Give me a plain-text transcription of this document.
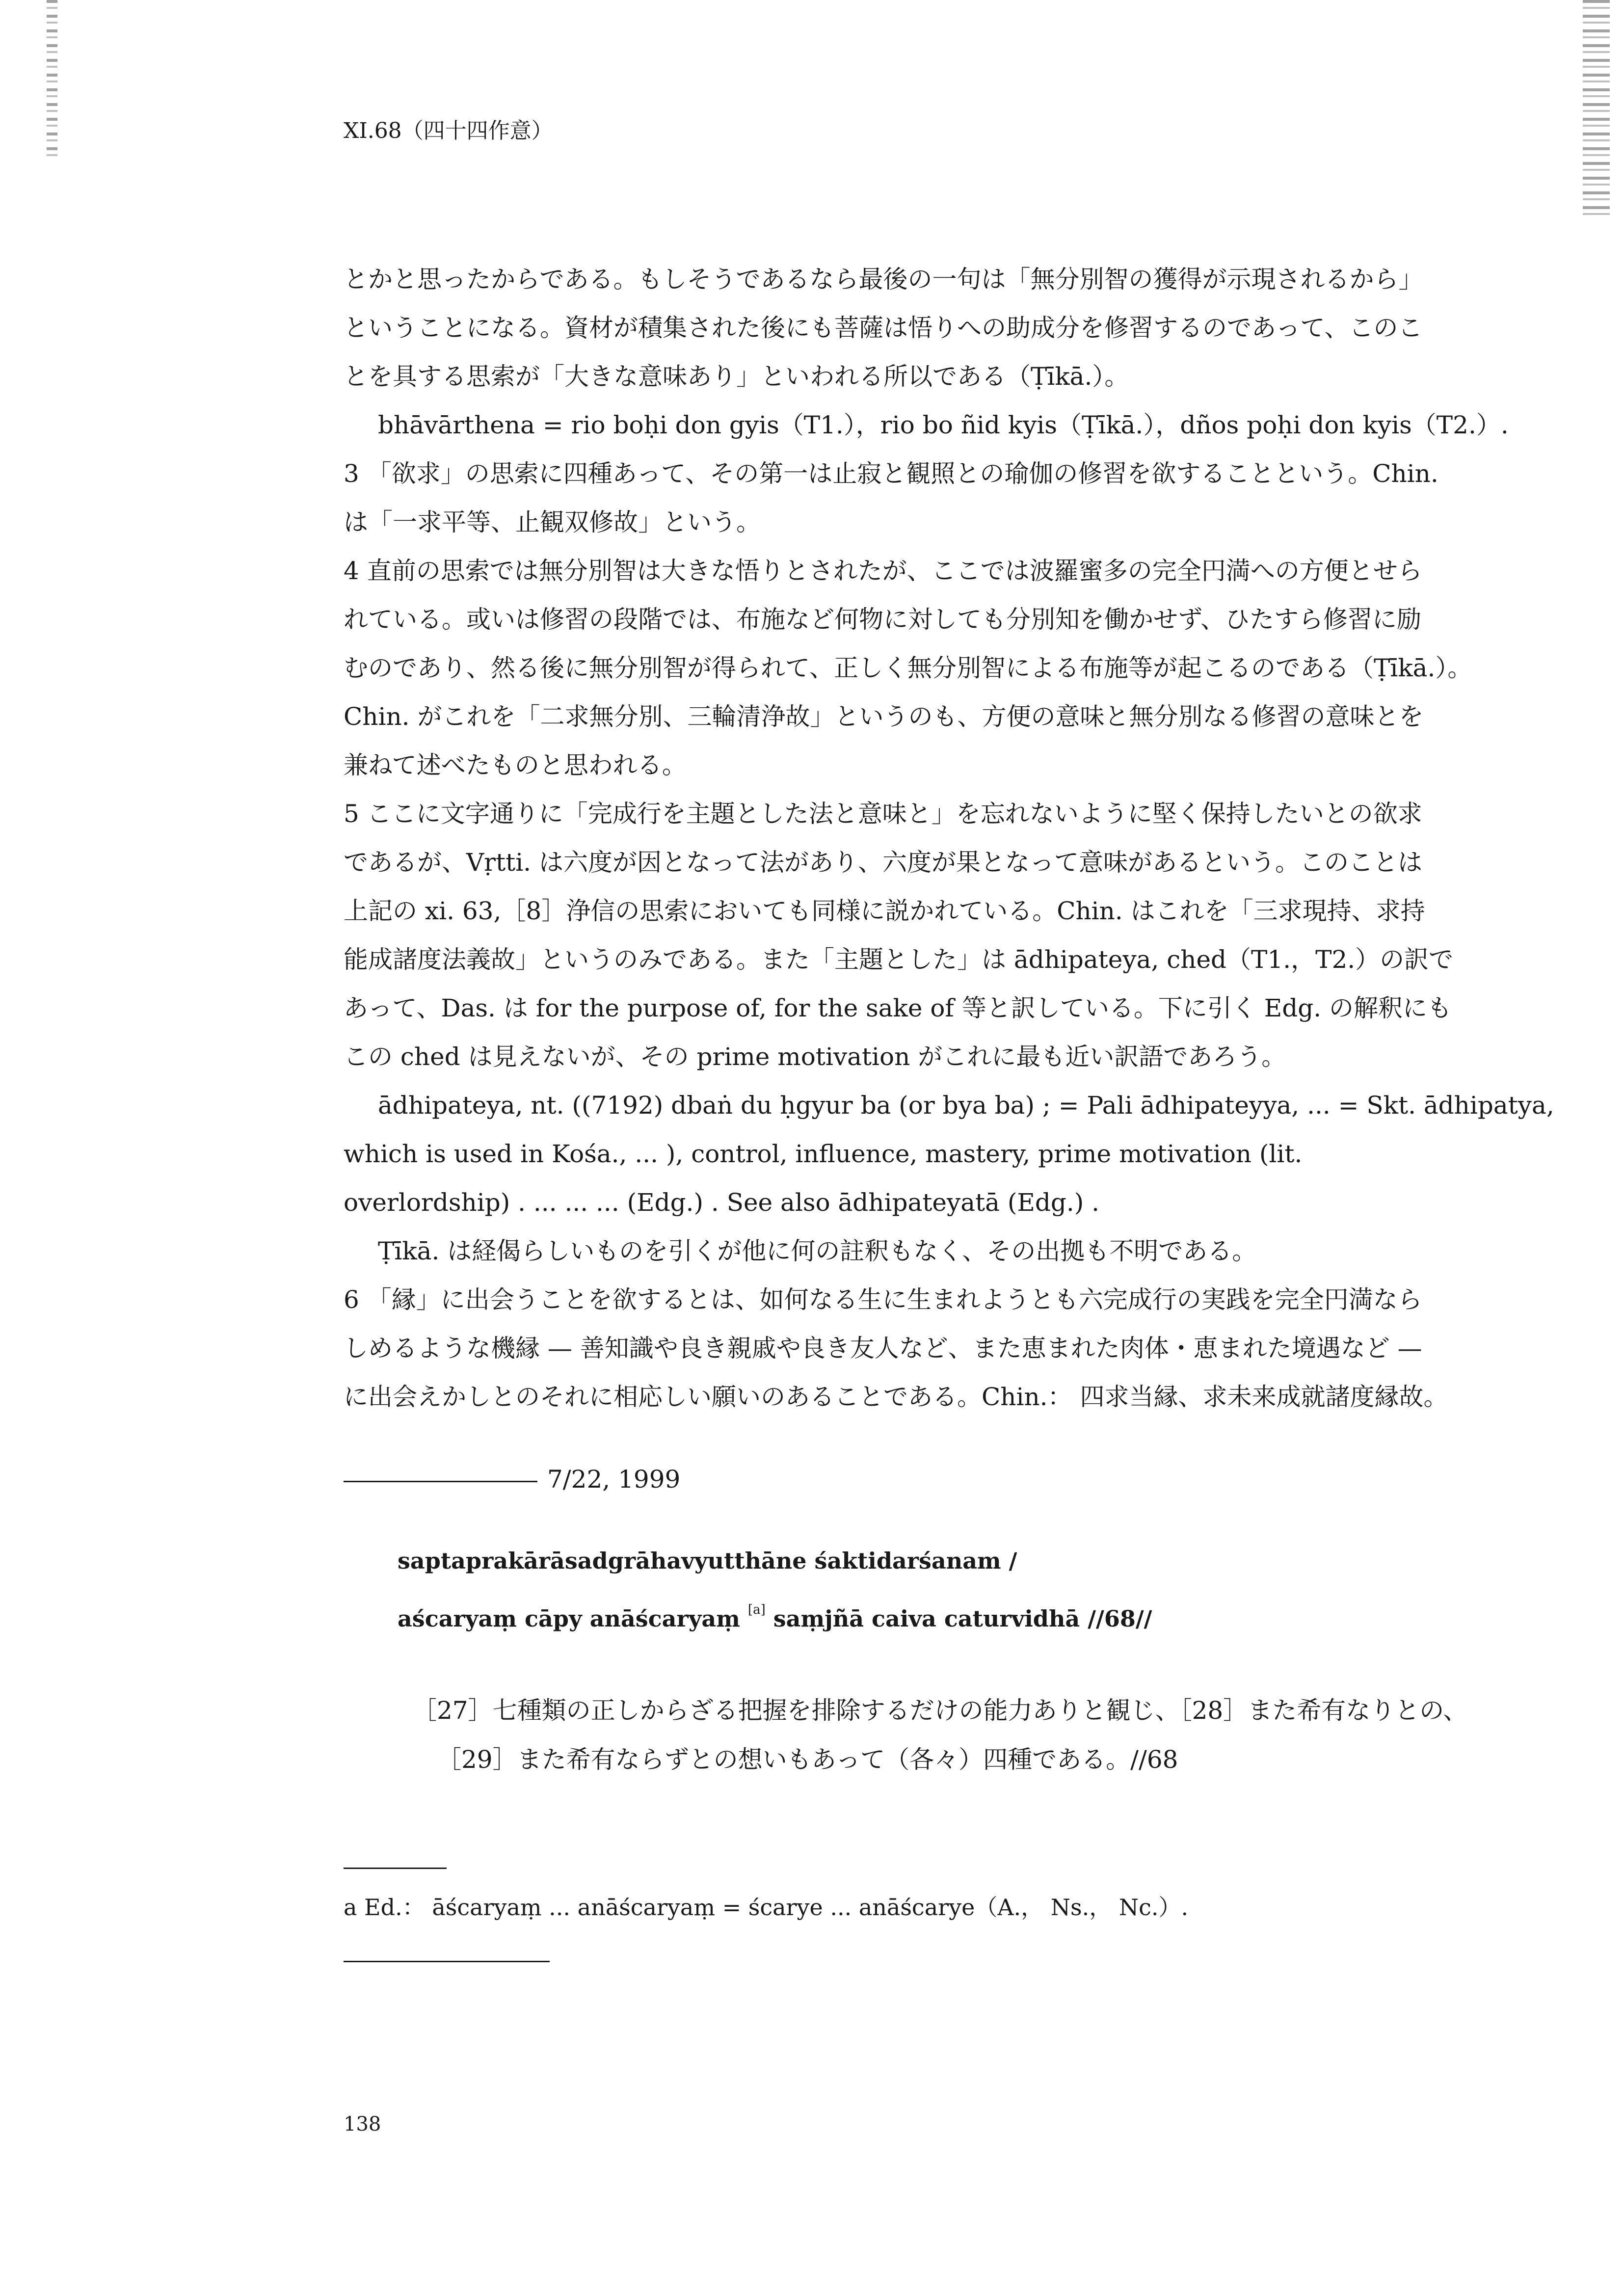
XI.68（四十四作意）
とかと思ったからである。もしそうであるなら最後の一句は「無分別智の獲得が示現されるから」
ということになる。資材が積集された後にも菩薩は悟りへの助成分を修習するのであって、このこ
とを具する思索が「大きな意味あり」といわれる所以である（Ṭīkā.）。
bhāvārthena = rio boḥi don gyis（T1.），rio bo ñid kyis（Ṭīkā.），dños poḥi don kyis（T2.）.
3 「欲求」の思索に四種あって、その第一は止寂と観照との瑜伽の修習を欲することという。Chin.
は「一求平等、止観双修故」という。
4 直前の思索では無分別智は大きな悟りとされたが、ここでは波羅蜜多の完全円満への方便とせら
れている。或いは修習の段階では、布施など何物に対しても分別知を働かせず、ひたすら修習に励
むのであり、然る後に無分別智が得られて、正しく無分別智による布施等が起こるのである（Ṭīkā.）。
Chin. がこれを「二求無分別、三輪清浄故」というのも、方便の意味と無分別なる修習の意味とを
兼ねて述べたものと思われる。
5 ここに文字通りに「完成行を主題とした法と意味と」を忘れないように堅く保持したいとの欲求
であるが、Vṛtti. は六度が因となって法があり、六度が果となって意味があるという。このことは
上記の xi. 63,［8］浄信の思索においても同様に説かれている。Chin. はこれを「三求現持、求持
能成諸度法義故」というのみである。また「主題とした」は ādhipateya, ched（T1.，T2.）の訳で
あって、Das. は for the purpose of, for the sake of 等と訳している。下に引く Edg. の解釈にも
この ched は見えないが、その prime motivation がこれに最も近い訳語であろう。
ādhipateya, nt. ((7192) dbaṅ du ḥgyur ba (or bya ba) ; = Pali ādhipateyya, ... = Skt. ādhipatya,
which is used in Kośa., ... ), control, influence, mastery, prime motivation (lit.
overlordship) . ... ... ... (Edg.) . See also ādhipateyatā (Edg.) .
Ṭīkā. は経偈らしいものを引くが他に何の註釈もなく、その出拠も不明である。
6 「縁」に出会うことを欲するとは、如何なる生に生まれようとも六完成行の実践を完全円満なら
しめるような機縁 — 善知識や良き親戚や良き友人など、また恵まれた肉体・恵まれた境遇など —
に出会えかしとのそれに相応しい願いのあることである。Chin.： 四求当縁、求未来成就諸度縁故。
7/22, 1999
saptaprakārāsadgrāhavyutthāne śaktidarśanam /
aścaryaṃ cāpy anāścaryaṃ [a] saṃjñā caiva caturvidhā //68//
［27］七種類の正しからざる把握を排除するだけの能力ありと観じ、［28］また希有なりとの、
［29］また希有ならずとの想いもあって（各々）四種である。//68
a Ed.： āścaryaṃ ... anāścaryaṃ = ścarye ... anāścarye（A.， Ns.， Nc.）.
138
